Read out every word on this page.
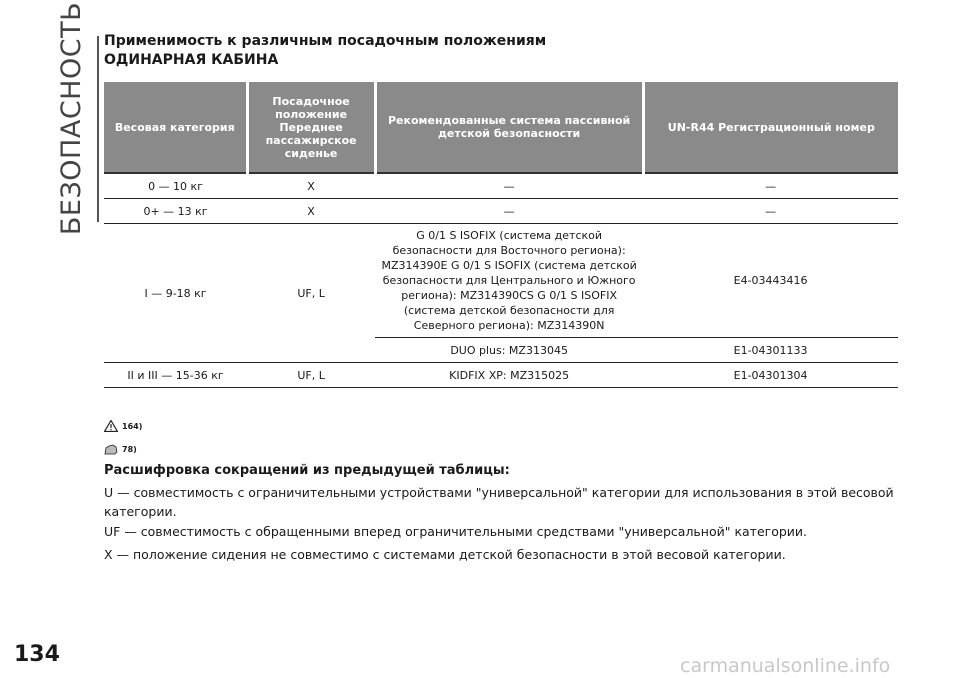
БЕЗОПАСНОСТЬ Применимость к различным посадочным положениям
ОДИНАРНАЯ КАБИНА
Весовая категория	Посадочное положение Переднее пассажирское сиденье	Рекомендованные система пассивной детской безопасности	UN-R44 Регистрационный номер
0 — 10 кг	X	—	—
0+ — 13 кг	X	—	—
I — 9-18 кг	UF, L	G 0/1 S ISOFIX (система детской безопасности для Восточного региона): MZ314390E G 0/1 S ISOFIX (система детской безопасности для Центрального и Южного региона): MZ314390CS G 0/1 S ISOFIX (система детской безопасности для Северного региона): MZ314390N	E4-03443416
		DUO plus: MZ313045	E1-04301133
II и III — 15-36 кг	UF, L	KIDFIX XP: MZ315025	E1-04301304
164)
78)
Расшифровка сокращений из предыдущей таблицы:
U — совместимость с ограничительными устройствами "универсальной" категории для использования в этой весовой категории.
UF — совместимость с обращенными вперед ограничительными средствами "универсальной" категории.
X — положение сидения не совместимо с системами детской безопасности в этой весовой категории.
134	carmanualsonline.info
